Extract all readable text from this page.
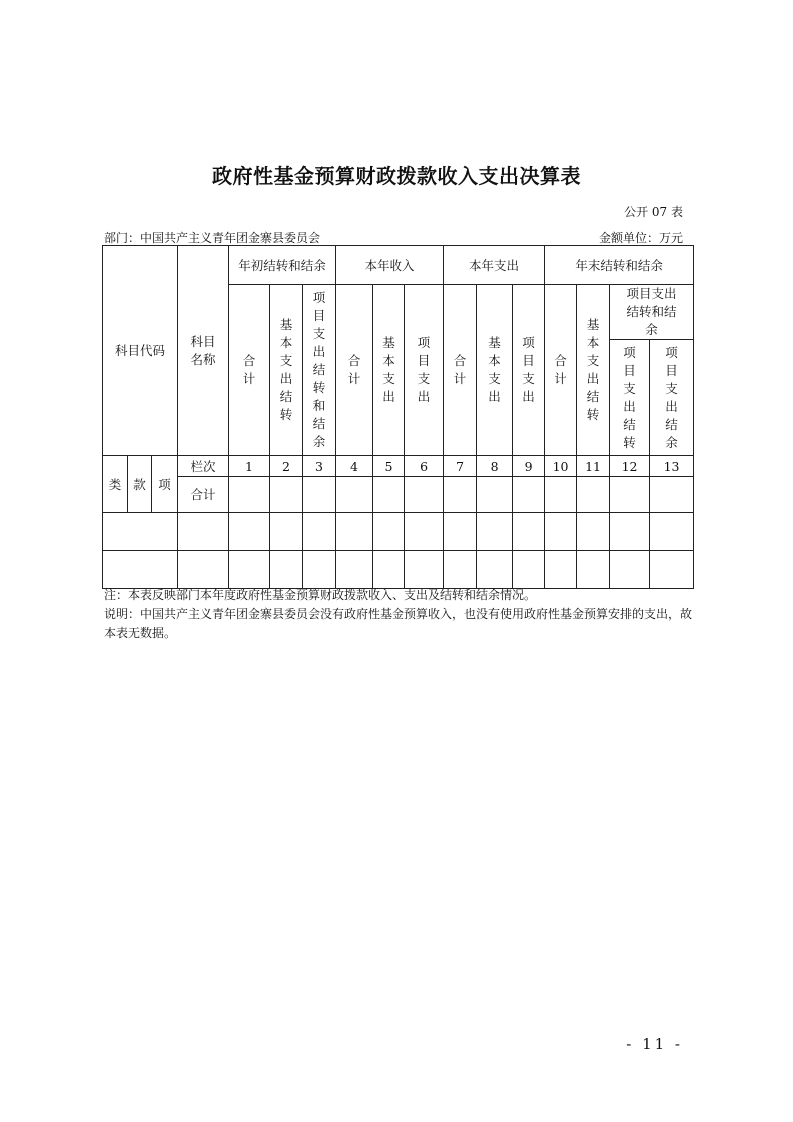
政府性基金预算财政拨款收入支出决算表
公开 07 表
部门：中国共产主义青年团金寨县委员会	金额单位：万元
科目代码			科目名称	年初结转和结余			本年收入			本年支出			年末结转和结余			
				合计	基本支出结转	项目支出结转和结余	合计	基本支出	项目支出	合计	基本支出	项目支出	合计	基本支出结转	项目支出结转和结余	
															项目支出结转	项目支出结余

类	款	项	栏次	1	2	3	4	5	6	7	8	9	10	11	12	13
			合计													

注：本表反映部门本年度政府性基金预算财政拨款收入、支出及结转和结余情况。
说明：中国共产主义青年团金寨县委员会没有政府性基金预算收入，也没有使用政府性基金预算安排的支出，故本表无数据。
- 11 -
